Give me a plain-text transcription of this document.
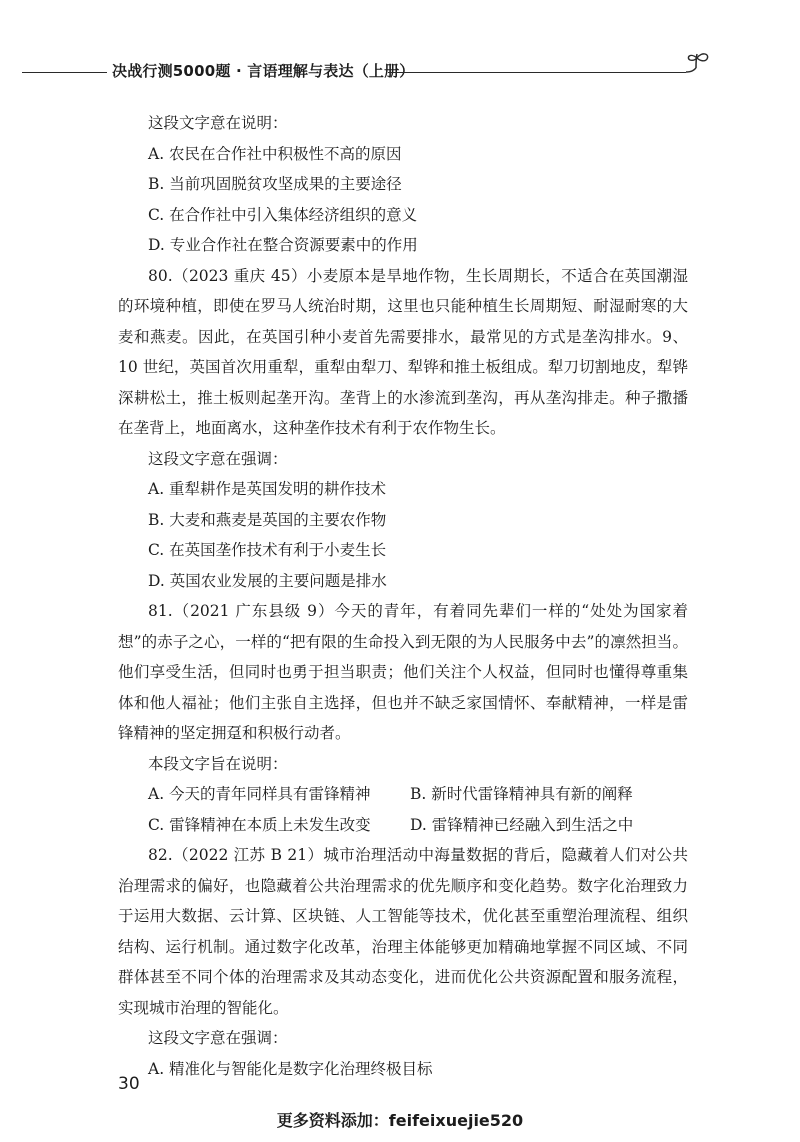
决战行测5000题 · 言语理解与表达（上册）

这段文字意在说明：

A. 农民在合作社中积极性不高的原因

B. 当前巩固脱贫攻坚成果的主要途径

C. 在合作社中引入集体经济组织的意义

D. 专业合作社在整合资源要素中的作用

80.（2023 重庆 45）小麦原本是旱地作物，生长周期长，不适合在英国潮湿的环境种植，即使在罗马人统治时期，这里也只能种植生长周期短、耐湿耐寒的大麦和燕麦。因此，在英国引种小麦首先需要排水，最常见的方式是垄沟排水。9、10 世纪，英国首次用重犁，重犁由犁刀、犁铧和推土板组成。犁刀切割地皮，犁铧深耕松土，推土板则起垄开沟。垄背上的水渗流到垄沟，再从垄沟排走。种子撒播在垄背上，地面离水，这种垄作技术有利于农作物生长。

这段文字意在强调：

A. 重犁耕作是英国发明的耕作技术

B. 大麦和燕麦是英国的主要农作物

C. 在英国垄作技术有利于小麦生长

D. 英国农业发展的主要问题是排水

81.（2021 广东县级 9）今天的青年，有着同先辈们一样的“处处为国家着想”的赤子之心，一样的“把有限的生命投入到无限的为人民服务中去”的凛然担当。他们享受生活，但同时也勇于担当职责；他们关注个人权益，但同时也懂得尊重集体和他人福祉；他们主张自主选择，但也并不缺乏家国情怀、奉献精神，一样是雷锋精神的坚定拥趸和积极行动者。

本段文字旨在说明：

A. 今天的青年同样具有雷锋精神	B. 新时代雷锋精神具有新的阐释
C. 雷锋精神在本质上未发生改变	D. 雷锋精神已经融入到生活之中

82.（2022 江苏 B 21）城市治理活动中海量数据的背后，隐藏着人们对公共治理需求的偏好，也隐藏着公共治理需求的优先顺序和变化趋势。数字化治理致力于运用大数据、云计算、区块链、人工智能等技术，优化甚至重塑治理流程、组织结构、运行机制。通过数字化改革，治理主体能够更加精确地掌握不同区域、不同群体甚至不同个体的治理需求及其动态变化，进而优化公共资源配置和服务流程，实现城市治理的智能化。

这段文字意在强调：

A. 精准化与智能化是数字化治理终极目标

30
更多资料添加：feifeixuejie520
